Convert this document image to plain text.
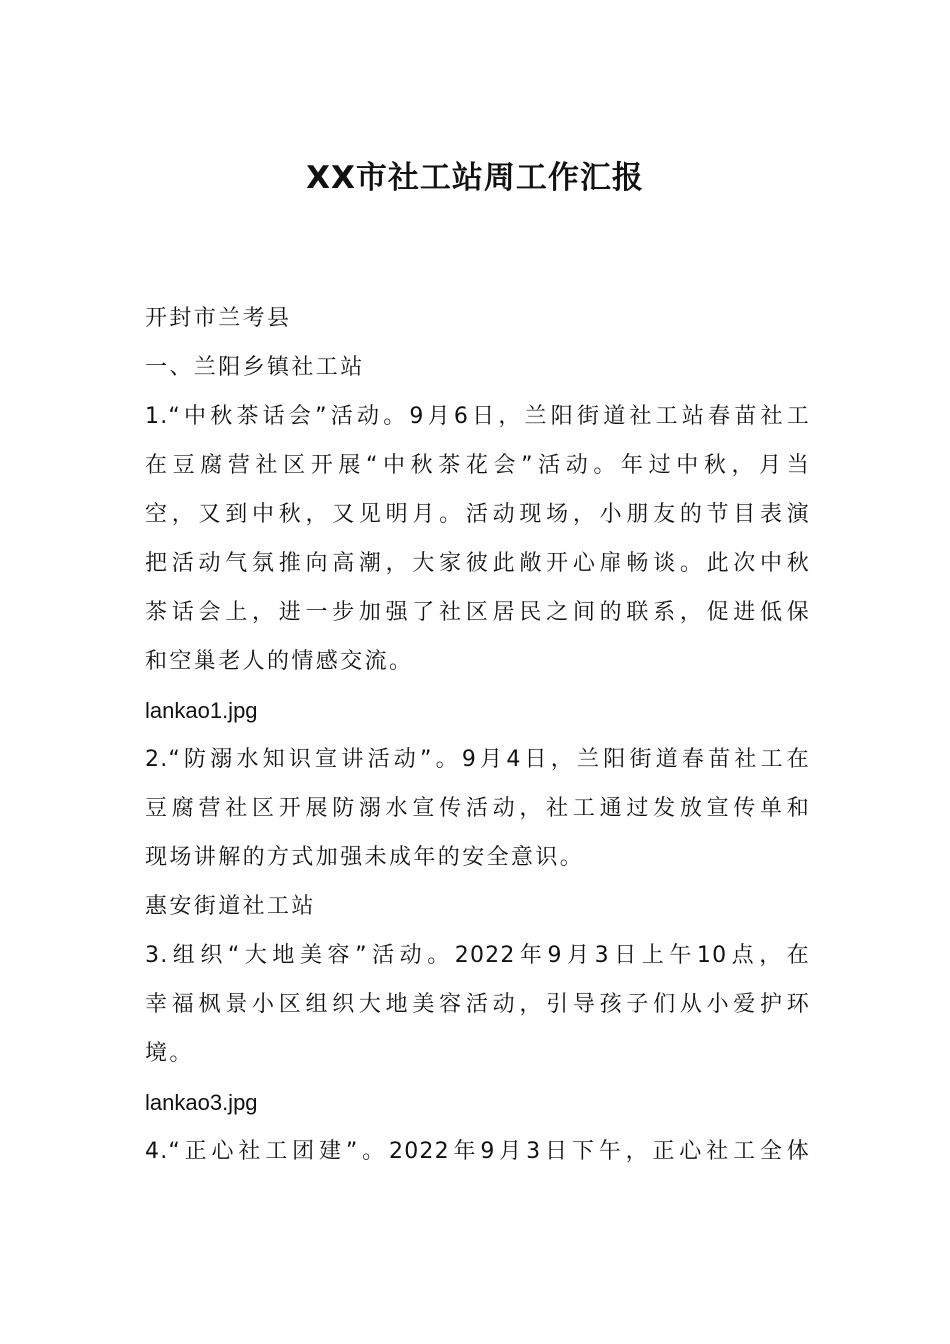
XX市社工站周工作汇报
开封市兰考县
一、兰阳乡镇社工站
1.“中秋茶话会”活动。9月6日，兰阳街道社工站春苗社工
在豆腐营社区开展“中秋茶花会”活动。年过中秋，月当
空，又到中秋，又见明月。活动现场，小朋友的节目表演
把活动气氛推向高潮，大家彼此敞开心扉畅谈。此次中秋
茶话会上，进一步加强了社区居民之间的联系，促进低保
和空巢老人的情感交流。
lankao1.jpg
2.“防溺水知识宣讲活动”。9月4日，兰阳街道春苗社工在
豆腐营社区开展防溺水宣传活动，社工通过发放宣传单和
现场讲解的方式加强未成年的安全意识。
惠安街道社工站
3.组织“大地美容”活动。2022年9月3日上午10点，在
幸福枫景小区组织大地美容活动，引导孩子们从小爱护环
境。
lankao3.jpg
4.“正心社工团建”。2022年9月3日下午，正心社工全体
